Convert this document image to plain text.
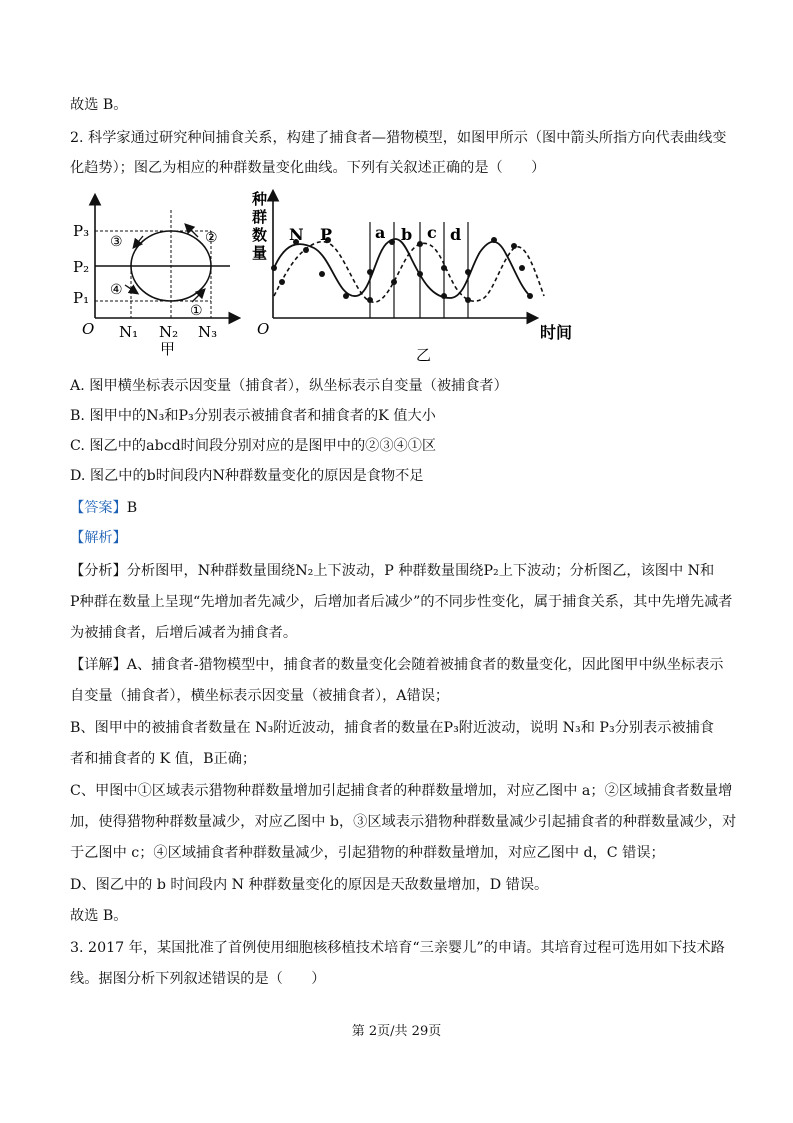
故选 B。
2. 科学家通过研究种间捕食关系，构建了捕食者—猎物模型，如图甲所示（图中箭头所指方向代表曲线变
化趋势）；图乙为相应的种群数量变化曲线。下列有关叙述正确的是（　　）
P₃
P₂
P₁
O N₁ N₂ N₃
①
②
③
④
甲
种
群
数
量
N P	a b c d
O	时间
乙
A. 图甲横坐标表示因变量（捕食者），纵坐标表示自变量（被捕食者）
B. 图甲中的N₃和P₃分别表示被捕食者和捕食者的K 值大小
C. 图乙中的abcd时间段分别对应的是图甲中的②③④①区
D. 图乙中的b时间段内N种群数量变化的原因是食物不足
【答案】B
【解析】
【分析】分析图甲，N种群数量围绕N₂上下波动，P 种群数量围绕P₂上下波动；分析图乙，该图中 N和
P种群在数量上呈现“先增加者先减少，后增加者后减少”的不同步性变化，属于捕食关系，其中先增先减者
为被捕食者，后增后减者为捕食者。
【详解】A、捕食者-猎物模型中，捕食者的数量变化会随着被捕食者的数量变化，因此图甲中纵坐标表示
自变量（捕食者），横坐标表示因变量（被捕食者），A错误；
B、图甲中的被捕食者数量在 N₃附近波动，捕食者的数量在P₃附近波动，说明 N₃和 P₃分别表示被捕食
者和捕食者的 K 值，B正确；
C、甲图中①区域表示猎物种群数量增加引起捕食者的种群数量增加，对应乙图中 a；②区域捕食者数量增
加，使得猎物种群数量减少，对应乙图中 b，③区域表示猎物种群数量减少引起捕食者的种群数量减少，对
于乙图中 c；④区域捕食者种群数量减少，引起猎物的种群数量增加，对应乙图中 d，C 错误；
D、图乙中的 b 时间段内 N 种群数量变化的原因是天敌数量增加，D 错误。
故选 B。
3. 2017 年，某国批准了首例使用细胞核移植技术培育“三亲婴儿”的申请。其培育过程可选用如下技术路
线。据图分析下列叙述错误的是（　　）
第 2页/共 29页
